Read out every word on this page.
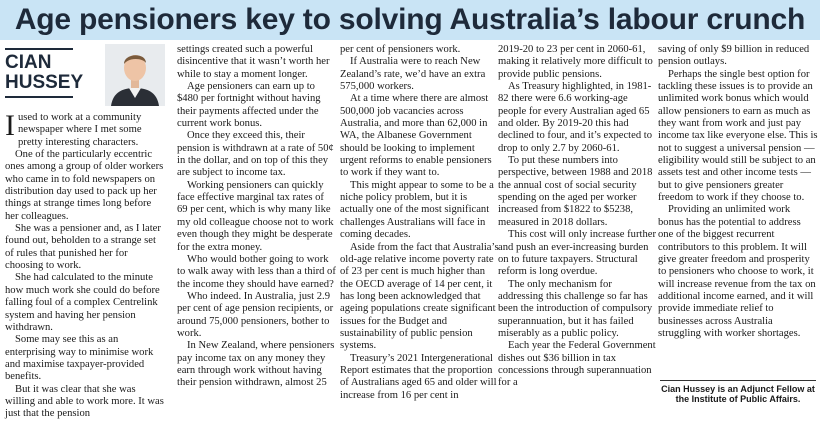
Age pensioners key to solving Australia’s labour crunch
CIAN
HUSSEY
I used to work at a community newspaper where I met some pretty interesting characters.

One of the particularly eccentric ones among a group of older workers who came in to fold newspapers on distribution day used to pack up her things at strange times long before her colleagues.

She was a pensioner and, as I later found out, beholden to a strange set of rules that punished her for choosing to work.

She had calculated to the minute how much work she could do before falling foul of a complex Centrelink system and having her pension withdrawn.

Some may see this as an enterprising way to minimise work and maximise taxpayer-provided benefits.

But it was clear that she was willing and able to work more. It was just that the pension

settings created such a powerful disincentive that it wasn’t worth her while to stay a moment longer.

Age pensioners can earn up to $480 per fortnight without having their payments affected under the current work bonus.

Once they exceed this, their pension is withdrawn at a rate of 50¢ in the dollar, and on top of this they are subject to income tax.

Working pensioners can quickly face effective marginal tax rates of 69 per cent, which is why many like my old colleague choose not to work even though they might be desperate for the extra money.

Who would bother going to work to walk away with less than a third of the income they should have earned?

Who indeed. In Australia, just 2.9 per cent of age pension recipients, or around 75,000 pensioners, bother to work.

In New Zealand, where pensioners pay income tax on any money they earn through work without having their pension withdrawn, almost 25

per cent of pensioners work.

If Australia were to reach New Zealand’s rate, we’d have an extra 575,000 workers.

At a time where there are almost 500,000 job vacancies across Australia, and more than 62,000 in WA, the Albanese Government should be looking to implement urgent reforms to enable pensioners to work if they want to.

This might appear to some to be a niche policy problem, but it is actually one of the most significant challenges Australians will face in coming decades.

Aside from the fact that Australia’s old-age relative income poverty rate of 23 per cent is much higher than the OECD average of 14 per cent, it has long been acknowledged that ageing populations create significant issues for the Budget and sustainability of public pension systems.

Treasury’s 2021 Intergenerational Report estimates that the proportion of Australians aged 65 and older will increase from 16 per cent in

2019-20 to 23 per cent in 2060-61, making it relatively more difficult to provide public pensions.

As Treasury highlighted, in 1981-82 there were 6.6 working-age people for every Australian aged 65 and older. By 2019-20 this had declined to four, and it’s expected to drop to only 2.7 by 2060-61.

To put these numbers into perspective, between 1988 and 2018 the annual cost of social security spending on the aged per worker increased from $1822 to $5238, measured in 2018 dollars.

This cost will only increase further and push an ever-increasing burden on to future taxpayers. Structural reform is long overdue.

The only mechanism for addressing this challenge so far has been the introduction of compulsory superannuation, but it has failed miserably as a public policy.

Each year the Federal Government dishes out $36 billion in tax concessions through superannuation for a

saving of only $9 billion in reduced pension outlays.

Perhaps the single best option for tackling these issues is to provide an unlimited work bonus which would allow pensioners to earn as much as they want from work and just pay income tax like everyone else. This is not to suggest a universal pension — eligibility would still be subject to an assets test and other income tests — but to give pensioners greater freedom to work if they choose to.

Providing an unlimited work bonus has the potential to address one of the biggest recurrent contributors to this problem. It will give greater freedom and prosperity to pensioners who choose to work, it will increase revenue from the tax on additional income earned, and it will provide immediate relief to businesses across Australia struggling with worker shortages.

Cian Hussey is an Adjunct Fellow at the Institute of Public Affairs.
